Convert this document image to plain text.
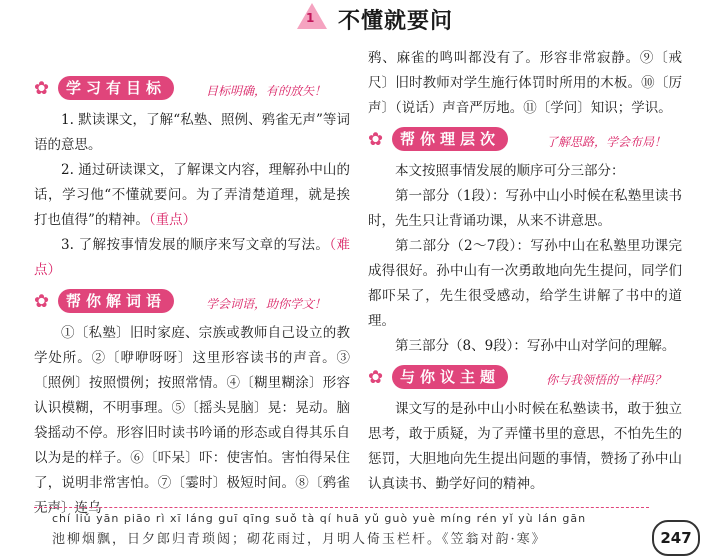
1 不懂就要问
✿	学习有目标	目标明确，有的放矢！

1. 默读课文，了解“私塾、照例、鸦雀无声”等词语的意思。

2. 通过研读课文，了解课文内容，理解孙中山的话，学习他“不懂就要问。为了弄清楚道理，就是挨打也值得”的精神。（重点）

3. 了解按事情发展的顺序来写文章的写法。（难点）

✿	帮你解词语	学会词语，助你学文！

①〔私塾〕旧时家庭、宗族或教师自己设立的教学处所。②〔咿咿呀呀〕这里形容读书的声音。③〔照例〕按照惯例；按照常情。④〔糊里糊涂〕形容认识模糊，不明事理。⑤〔摇头晃脑〕晃：晃动。脑袋摇动不停。形容旧时读书吟诵的形态或自得其乐自以为是的样子。⑥〔吓呆〕吓：使害怕。害怕得呆住了，说明非常害怕。⑦〔霎时〕极短时间。⑧〔鸦雀无声〕连乌

鸦、麻雀的鸣叫都没有了。形容非常寂静。⑨〔戒尺〕旧时教师对学生施行体罚时所用的木板。⑩〔厉声〕（说话）声音严厉地。⑪〔学问〕知识；学识。

✿	帮你理层次	了解思路，学会布局！

本文按照事情发展的顺序可分三部分：

第一部分（1段）：写孙中山小时候在私塾里读书时，先生只让背诵功课，从来不讲意思。

第二部分（2～7段）：写孙中山在私塾里功课完成得很好。孙中山有一次勇敢地向先生提问，同学们都吓呆了，先生很受感动，给学生讲解了书中的道理。

第三部分（8、9段）：写孙中山对学问的理解。

✿	与你议主题	你与我领悟的一样吗？

课文写的是孙中山小时候在私塾读书，敢于独立思考，敢于质疑，为了弄懂书里的意思，不怕先生的惩罚，大胆地向先生提出问题的事情，赞扬了孙中山认真读书、勤学好问的精神。

chí liǔ yān piāo rì xī láng guī qīng suǒ tà qí huā yǔ guò yuè míng rén yǐ yù lán gān
池柳烟飘，日夕郎归青琐闼；砌花雨过，月明人倚玉栏杆。《笠翁对韵·寒》	247
